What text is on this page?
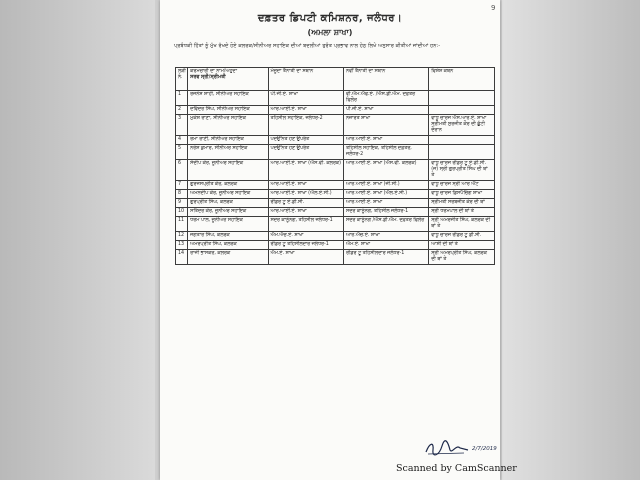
9
ਦਫ਼ਤਰ ਡਿਪਟੀ ਕਮਿਸ਼ਨਰ, ਜਲੰਧਰ।
(ਅਮਲਾ ਸ਼ਾਖਾ)
ਪ੍ਰਬੰਧਕੀ ਹਿੱਤਾਂ ਨੂੰ ਮੁੱਖ ਰੱਖਦੇ ਹੋਏ ਕਲਰਕ/ਸੀਨੀਅਰ ਸਹਾਇਕ ਦੀਆਂ ਬਦਲੀਆਂ ਤੁਰੰਤ ਪ੍ਰਭਾਵ ਨਾਲ ਹੇਠ ਲਿਖੇ ਅਨੁਸਾਰ ਕੀਤੀਆਂ ਜਾਂਦੀਆਂ ਹਨ:-
ਲੜੀ ਨੰ.	ਕਰਮਚਾਰੀ ਦਾ ਨਾਮ/ਅਹੁਦਾ
ਸਰਵ ਸ੍ਰੀ/ਸ੍ਰੀਮਤੀ	ਮੌਜੂਦਾ ਤੈਨਾਤੀ ਦਾ ਸਥਾਨ	ਨਵੀਂ ਤੈਨਾਤੀ ਦਾ ਸਥਾਨ	ਵਿਸ਼ੇਸ਼ ਕਥਨ
1	ਰਜਨੇਸ਼ ਸ਼ਾਹੀ, ਸੀਨੀਅਰ ਸਹਾਇਕ	ਪੀ.ਜੀ.ਏ. ਸ਼ਾਖਾ	ਵੀ.ਐਮ.ਐਫ.ਏ. /ਐਸ.ਡੀ.ਐਮ. ਦਫ਼ਤਰ ਫਿਲੌਰ	
2	ਦਵਿੰਦਰ ਸਿੰਘ, ਸੀਨੀਅਰ ਸਹਾਇਕ	ਆਰ.ਆਈ.ਏ. ਸ਼ਾਖਾ	ਪੀ.ਜੀ.ਏ. ਸ਼ਾਖਾ	
3	ਮੁਕੇਸ਼ ਰਾਣਾ, ਸੀਨੀਅਰ ਸਹਾਇਕ	ਤਹਿਸੀਲ ਸਹਾਇਕ, ਜਲੰਧਰ-2	ਨਜ਼ਾਰਤ ਸ਼ਾਖਾ	ਵਾਧੂ ਚਾਰਜ ਐਸ.ਆਰ.ਏ. ਸ਼ਾਖਾ ਸ੍ਰੀਮਤੀ ਸੁਰਜੀਤ ਕੌਰ ਦੀ ਛੁੱਟੀ ਦੌਰਾਨ
4	ਰਮਾ ਰਾਣੀ, ਸੀਨੀਅਰ ਸਹਾਇਕ	ਪਦਉੱਨਤ ਹੋਣ ਉਪਰੰਤ	ਆਰ.ਆਈ.ਏ. ਸ਼ਾਖਾ	
5	ਨਰੇਸ਼ ਕੁਮਾਰ, ਸੀਨੀਅਰ ਸਹਾਇਕ	ਪਦਉੱਨਤ ਹੋਣ ਉਪਰੰਤ	ਤਹਿਸੀਲ ਸਹਾਇਕ, ਤਹਿਸੀਲ ਦਫ਼ਤਰ, ਜਲੰਧਰ-2	
6	ਸੰਦੀਪ ਕੌਰ, ਜੂਨੀਅਰ ਸਹਾਇਕ	ਆਰ.ਆਈ.ਏ. ਸ਼ਾਖਾ (ਐਸ.ਵੀ. ਕਲਰਕ)	ਆਰ.ਆਈ.ਏ. ਸ਼ਾਖਾ (ਐਸ.ਵੀ. ਕਲਰਕ)	ਵਾਧੂ ਚਾਰਜ ਰੀਡਰ ਟੂ ਏ.ਡੀ.ਸੀ. (ਜ) ਸ੍ਰੀ ਗੁਰਪ੍ਰੀਤ ਸਿੰਘ ਦੀ ਥਾਂ ਤੇ
7	ਗੁਰਜਸਪ੍ਰੀਤ ਕੌਰ, ਕਲਰਕ	ਆਰ.ਆਈ.ਏ. ਸ਼ਾਖਾ	ਆਰ.ਆਈ.ਏ. ਸ਼ਾਖਾ (ਜੀ.ਸੀ.)	ਵਾਧੂ ਚਾਰਜ ਸ੍ਰੀ ਆਰ ਐਂਟ
8	ਅਮਨਦੀਪ ਕੌਰ, ਜੂਨੀਅਰ ਸਹਾਇਕ	ਆਰ.ਆਈ.ਏ. ਸ਼ਾਖਾ (ਐਲ.ਏ.ਸੀ.)	ਆਰ.ਆਈ.ਏ. ਸ਼ਾਖਾ (ਐਲ.ਏ.ਸੀ.)	ਵਾਧੂ ਚਾਰਜ ਡਿਸਪੈਚਿੰਗ ਸ਼ਾਖਾ
9	ਗੁਰਪ੍ਰੀਤ ਸਿੰਘ, ਕਲਰਕ	ਰੀਡਰ ਟੂ ਏ.ਡੀ.ਸੀ.	ਆਰ.ਆਈ.ਏ. ਸ਼ਾਖਾ	ਸ੍ਰੀਮਤੀ ਸਰਬਜੀਤ ਕੌਰ ਦੀ ਥਾਂ
10	ਸਤਿੰਦਰ ਕੌਰ, ਜੂਨੀਅਰ ਸਹਾਇਕ	ਆਰ.ਆਈ.ਏ. ਸ਼ਾਖਾ	ਸਦਰ ਕਾਨੂੰਨਗੋ, ਤਹਿਸੀਲ ਜਲੰਧਰ-1	ਸ੍ਰੀ ਧਰਮਪਾਲ ਦੀ ਥਾਂ ਤੇ
11	ਧਰਮ ਪਾਲ, ਜੂਨੀਅਰ ਸਹਾਇਕ	ਸਦਰ ਕਾਨੂੰਨਗੋ, ਤਹਿਸੀਲ ਜਲੰਧਰ-1	ਸਦਰ ਕਾਨੂੰਨਗੋ /ਐਸ.ਡੀ.ਐਮ. ਦਫ਼ਤਰ ਫਿਲੌਰ	ਸ੍ਰੀ ਅਮਰਜੀਤ ਸਿੰਘ, ਕਲਰਕ ਦੀ ਥਾਂ ਤੇ
12	ਜਗਤਾਰ ਸਿੰਘ, ਕਲਰਕ	ਐਮ.ਐਚ.ਏ. ਸ਼ਾਖਾ	ਆਰ.ਐਚ.ਏ. ਸ਼ਾਖਾ	ਵਾਧੂ ਚਾਰਜ ਰੀਡਰ ਟੂ ਡੀ.ਸੀ.
13	ਅਮਰਪ੍ਰੀਤ ਸਿੰਘ, ਕਲਰਕ	ਰੀਡਰ ਟੂ ਤਹਿਸੀਲਦਾਰ ਜਲੰਧਰ-1	ਐਮ.ਏ. ਸ਼ਾਖਾ	ਆਸ਼ੀ ਦੀ ਥਾਂ ਤੇ
14	ਰਾਜੀ ਭਾਸਕਰ, ਕਲਰਕ	ਐਮ.ਏ. ਸ਼ਾਖਾ	ਰੀਡਰ ਟੂ ਤਹਿਸੀਲਦਾਰ ਜਲੰਧਰ-1	ਸ੍ਰੀ ਅਮਰਪ੍ਰੀਤ ਸਿੰਘ, ਕਲਰਕ ਦੀ ਥਾਂ ਤੇ
2/7/2019
Scanned by CamScanner
